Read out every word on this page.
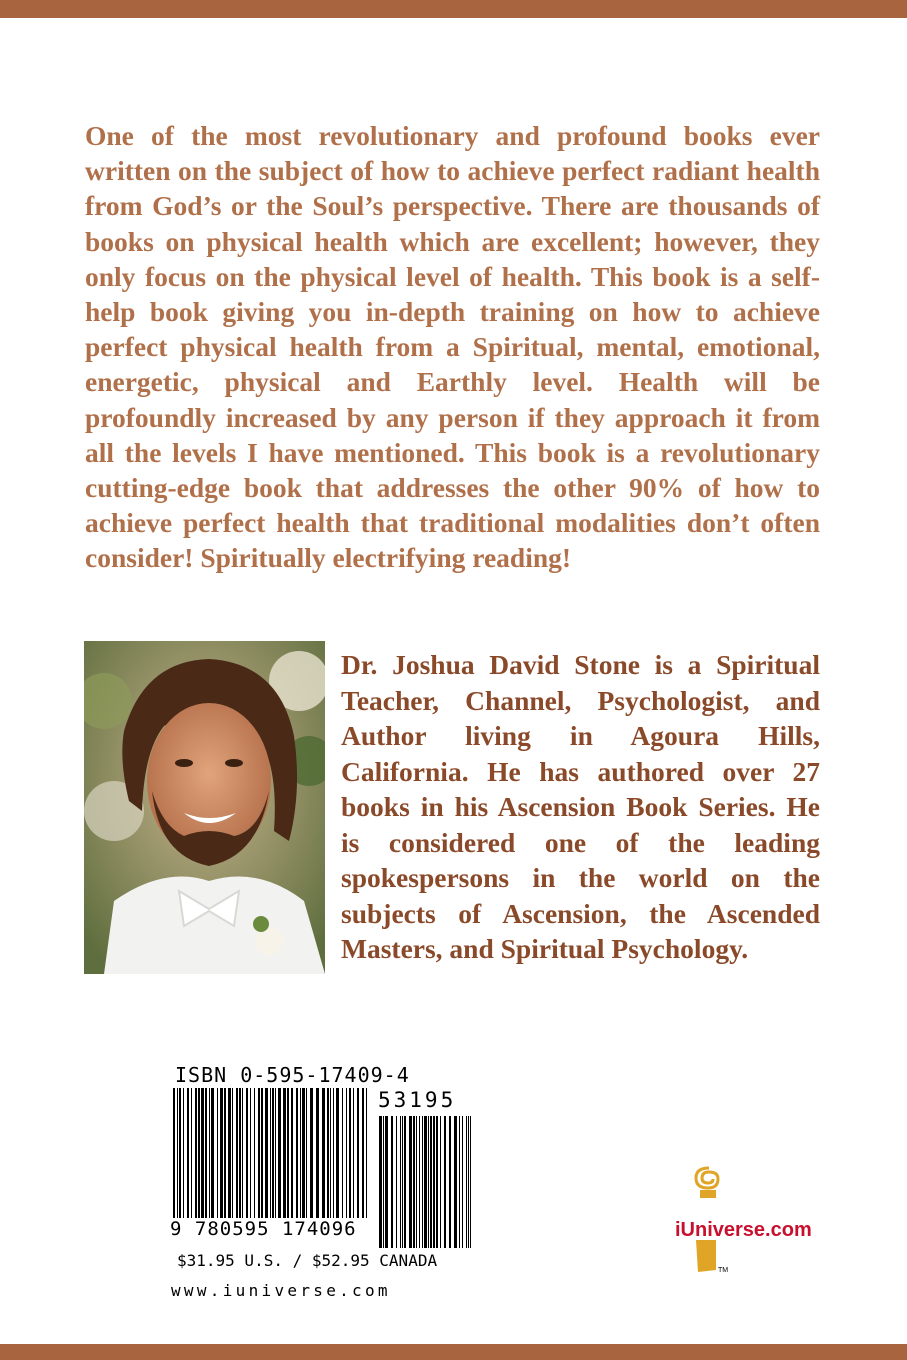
One of the most revolutionary and profound books ever written on the subject of how to achieve perfect radiant health from God’s or the Soul’s perspective. There are thousands of books on physical health which are excellent; however, they only focus on the physical level of health. This book is a self-help book giving you in-depth training on how to achieve perfect physical health from a Spiritual, mental, emotional, energetic, physical and Earthly level. Health will be profoundly increased by any person if they approach it from all the levels I have mentioned. This book is a revolutionary cutting-edge book that addresses the other 90% of how to achieve perfect health that traditional modalities don’t often consider! Spiritually electrifying reading!

Dr. Joshua David Stone is a Spiritual Teacher, Channel, Psychologist, and Author living in Agoura Hills, California. He has authored over 27 books in his Ascension Book Series. He is considered one of the leading spokespersons in the world on the subjects of Ascension, the Ascended Masters, and Spiritual Psychology.

ISBN 0-595-17409-4
53195
9 780595 174096
$31.95 U.S. / $52.95 CANADA
www.iuniverse.com
TM
iUniverse.com
